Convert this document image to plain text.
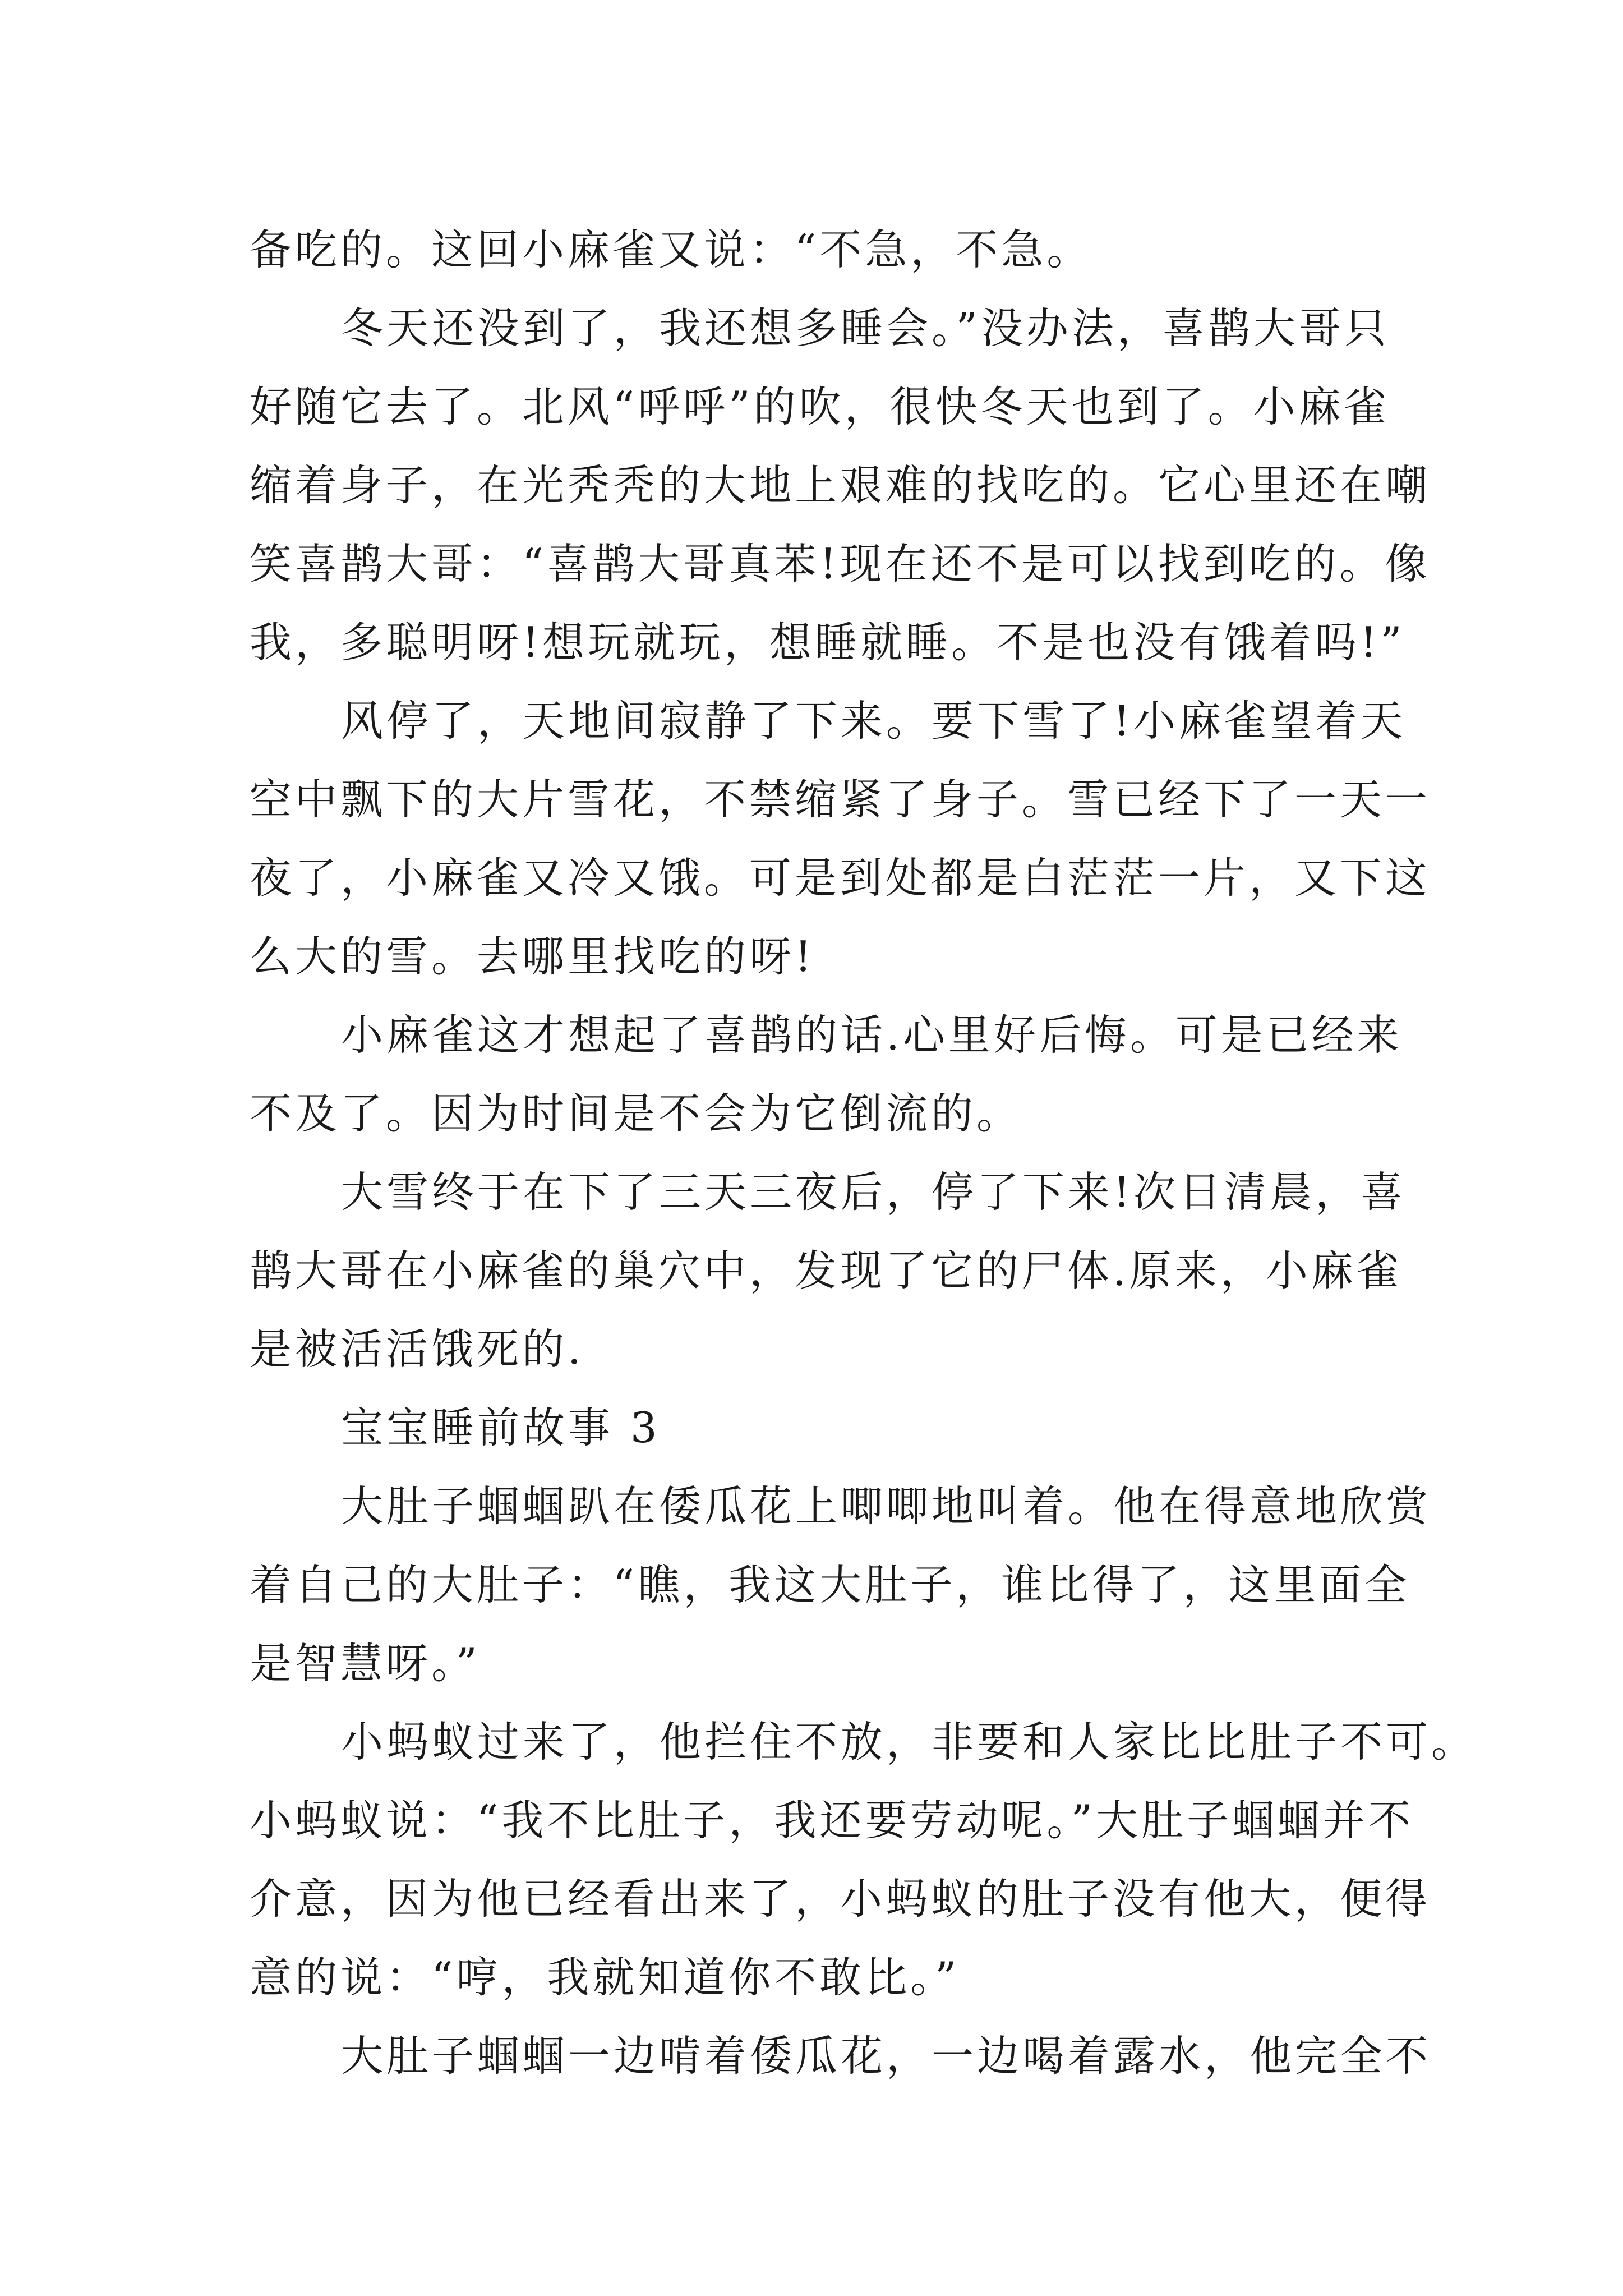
备吃的。这回小麻雀又说：“不急，不急。
冬天还没到了，我还想多睡会。”没办法，喜鹊大哥只
好随它去了。北风“呼呼”的吹，很快冬天也到了。小麻雀
缩着身子，在光秃秃的大地上艰难的找吃的。它心里还在嘲
笑喜鹊大哥：“喜鹊大哥真苯!现在还不是可以找到吃的。像
我，多聪明呀!想玩就玩，想睡就睡。不是也没有饿着吗!”
风停了，天地间寂静了下来。要下雪了!小麻雀望着天
空中飘下的大片雪花，不禁缩紧了身子。雪已经下了一天一
夜了，小麻雀又冷又饿。可是到处都是白茫茫一片，又下这
么大的雪。去哪里找吃的呀!
小麻雀这才想起了喜鹊的话.心里好后悔。可是已经来
不及了。因为时间是不会为它倒流的。
大雪终于在下了三天三夜后，停了下来!次日清晨，喜
鹊大哥在小麻雀的巢穴中，发现了它的尸体.原来，小麻雀
是被活活饿死的.
宝宝睡前故事 3
大肚子蝈蝈趴在倭瓜花上唧唧地叫着。他在得意地欣赏
着自己的大肚子：“瞧，我这大肚子，谁比得了，这里面全
是智慧呀。”
小蚂蚁过来了，他拦住不放，非要和人家比比肚子不可。
小蚂蚁说：“我不比肚子，我还要劳动呢。”大肚子蝈蝈并不
介意，因为他已经看出来了，小蚂蚁的肚子没有他大，便得
意的说：“哼，我就知道你不敢比。”
大肚子蝈蝈一边啃着倭瓜花，一边喝着露水，他完全不
